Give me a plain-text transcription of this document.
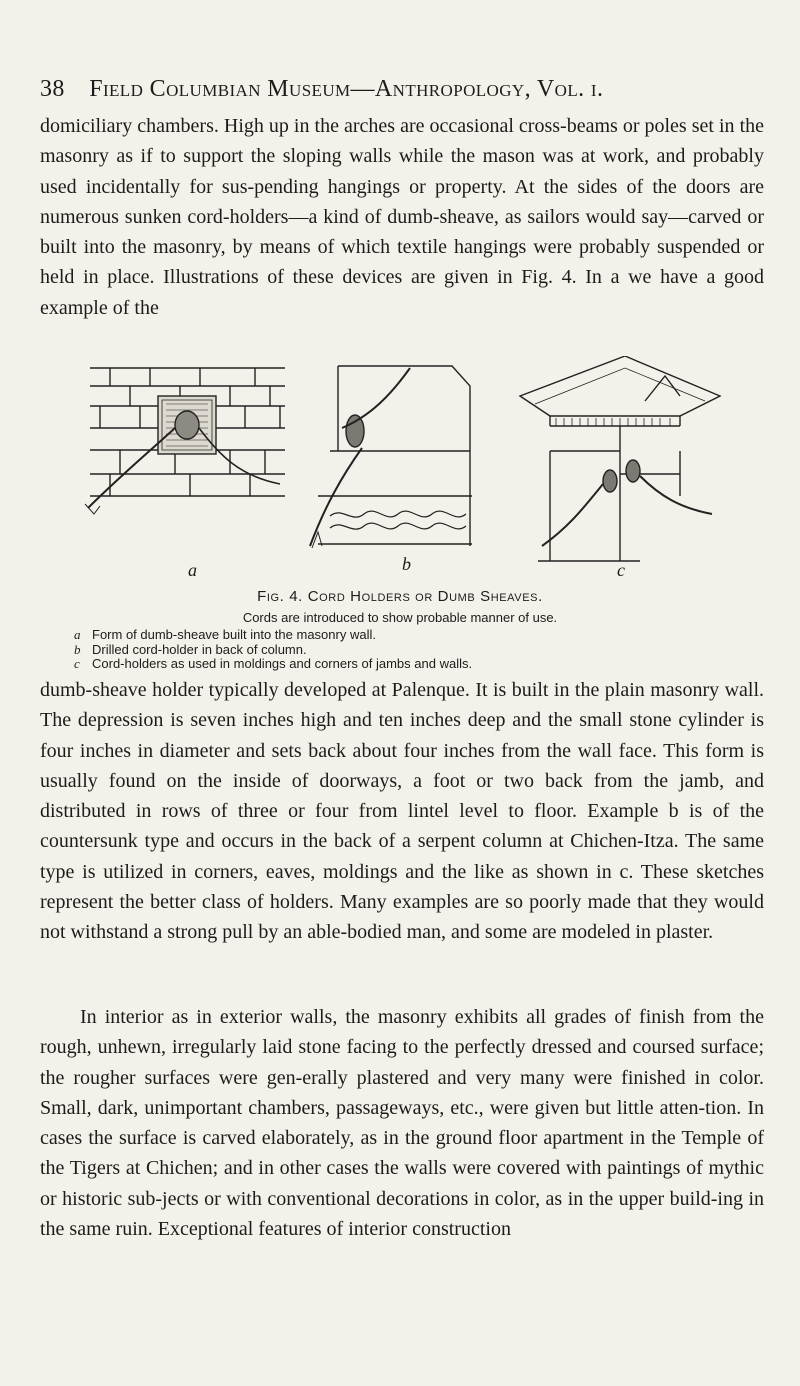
38 Field Columbian Museum—Anthropology, Vol. i.

domiciliary chambers. High up in the arches are occasional cross-beams or poles set in the masonry as if to support the sloping walls while the mason was at work, and probably used incidentally for sus-pending hangings or property. At the sides of the doors are numerous sunken cord-holders—a kind of dumb-sheave, as sailors would say—carved or built into the masonry, by means of which textile hangings were probably suspended or held in place. Illustrations of these devices are given in Fig. 4. In a we have a good example of the

a	b	c
Fig. 4. Cord Holders or Dumb Sheaves.
Cords are introduced to show probable manner of use.
a Form of dumb-sheave built into the masonry wall.
b Drilled cord-holder in back of column.
c Cord-holders as used in moldings and corners of jambs and walls.

dumb-sheave holder typically developed at Palenque. It is built in the plain masonry wall. The depression is seven inches high and ten inches deep and the small stone cylinder is four inches in diameter and sets back about four inches from the wall face. This form is usually found on the inside of doorways, a foot or two back from the jamb, and distributed in rows of three or four from lintel level to floor. Example b is of the countersunk type and occurs in the back of a serpent column at Chichen-Itza. The same type is utilized in corners, eaves, moldings and the like as shown in c. These sketches represent the better class of holders. Many examples are so poorly made that they would not withstand a strong pull by an able-bodied man, and some are modeled in plaster.

In interior as in exterior walls, the masonry exhibits all grades of finish from the rough, unhewn, irregularly laid stone facing to the perfectly dressed and coursed surface; the rougher surfaces were gen-erally plastered and very many were finished in color. Small, dark, unimportant chambers, passageways, etc., were given but little atten-tion. In cases the surface is carved elaborately, as in the ground floor apartment in the Temple of the Tigers at Chichen; and in other cases the walls were covered with paintings of mythic or historic sub-jects or with conventional decorations in color, as in the upper build-ing in the same ruin. Exceptional features of interior construction
